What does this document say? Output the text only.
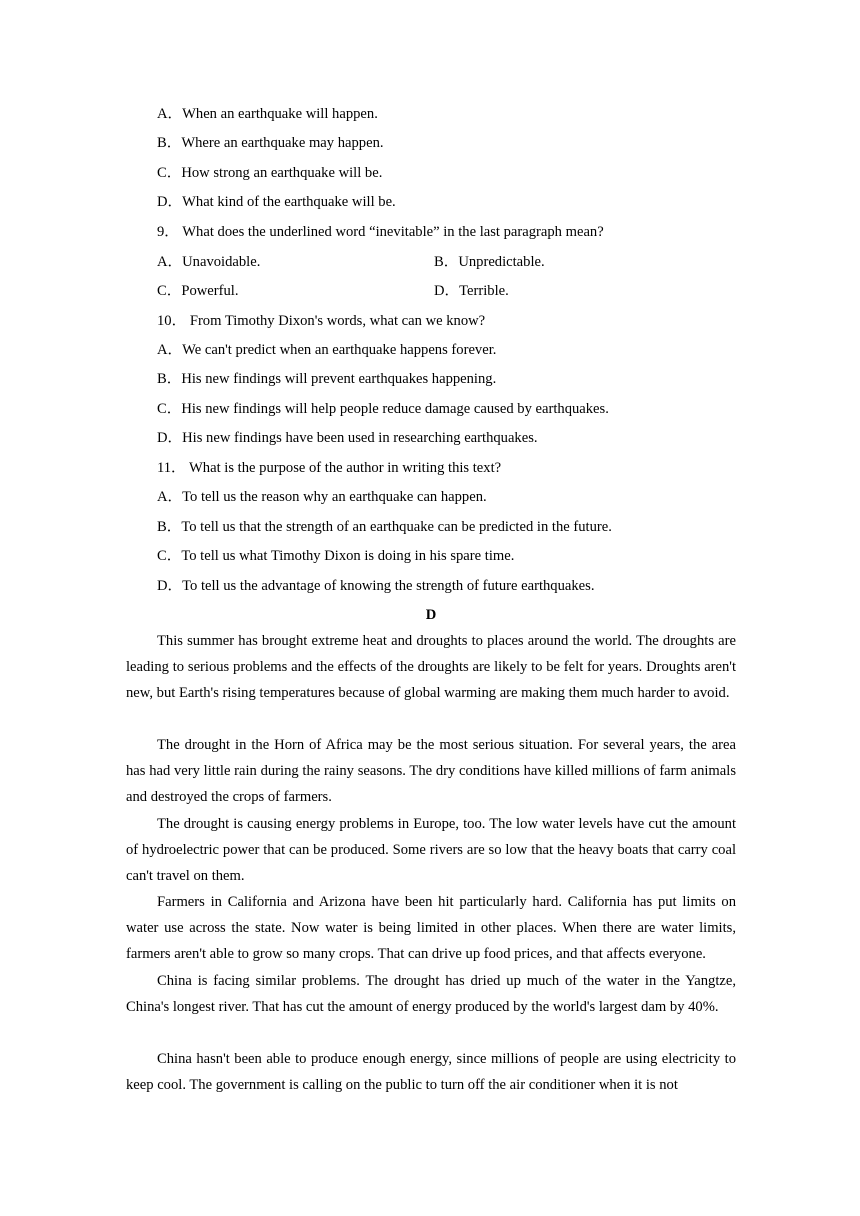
A．When an earthquake will happen.
B．Where an earthquake may happen.
C．How strong an earthquake will be.
D．What kind of the earthquake will be.
9． What does the underlined word “inevitable” in the last paragraph mean?
A．Unavoidable.	B．Unpredictable.
C．Powerful.	D．Terrible.
10． From Timothy Dixon's words, what can we know?
A．We can't predict when an earthquake happens forever.
B．His new findings will prevent earthquakes happening.
C．His new findings will help people reduce damage caused by earthquakes.
D．His new findings have been used in researching earthquakes.
11． What is the purpose of the author in writing this text?
A．To tell us the reason why an earthquake can happen.
B．To tell us that the strength of an earthquake can be predicted in the future.
C．To tell us what Timothy Dixon is doing in his spare time.
D．To tell us the advantage of knowing the strength of future earthquakes.
D

This summer has brought extreme heat and droughts to places around the world. The droughts are leading to serious problems and the effects of the droughts are likely to be felt for years. Droughts aren't new, but Earth's rising temperatures because of global warming are making them much harder to avoid.

The drought in the Horn of Africa may be the most serious situation. For several years, the area has had very little rain during the rainy seasons. The dry conditions have killed millions of farm animals and destroyed the crops of farmers.

The drought is causing energy problems in Europe, too. The low water levels have cut the amount of hydroelectric power that can be produced. Some rivers are so low that the heavy boats that carry coal can't travel on them.

Farmers in California and Arizona have been hit particularly hard. California has put limits on water use across the state. Now water is being limited in other places. When there are water limits, farmers aren't able to grow so many crops. That can drive up food prices, and that affects everyone.

China is facing similar problems. The drought has dried up much of the water in the Yangtze, China's longest river. That has cut the amount of energy produced by the world's largest dam by 40%.

China hasn't been able to produce enough energy, since millions of people are using electricity to keep cool. The government is calling on the public to turn off the air conditioner when it is not
